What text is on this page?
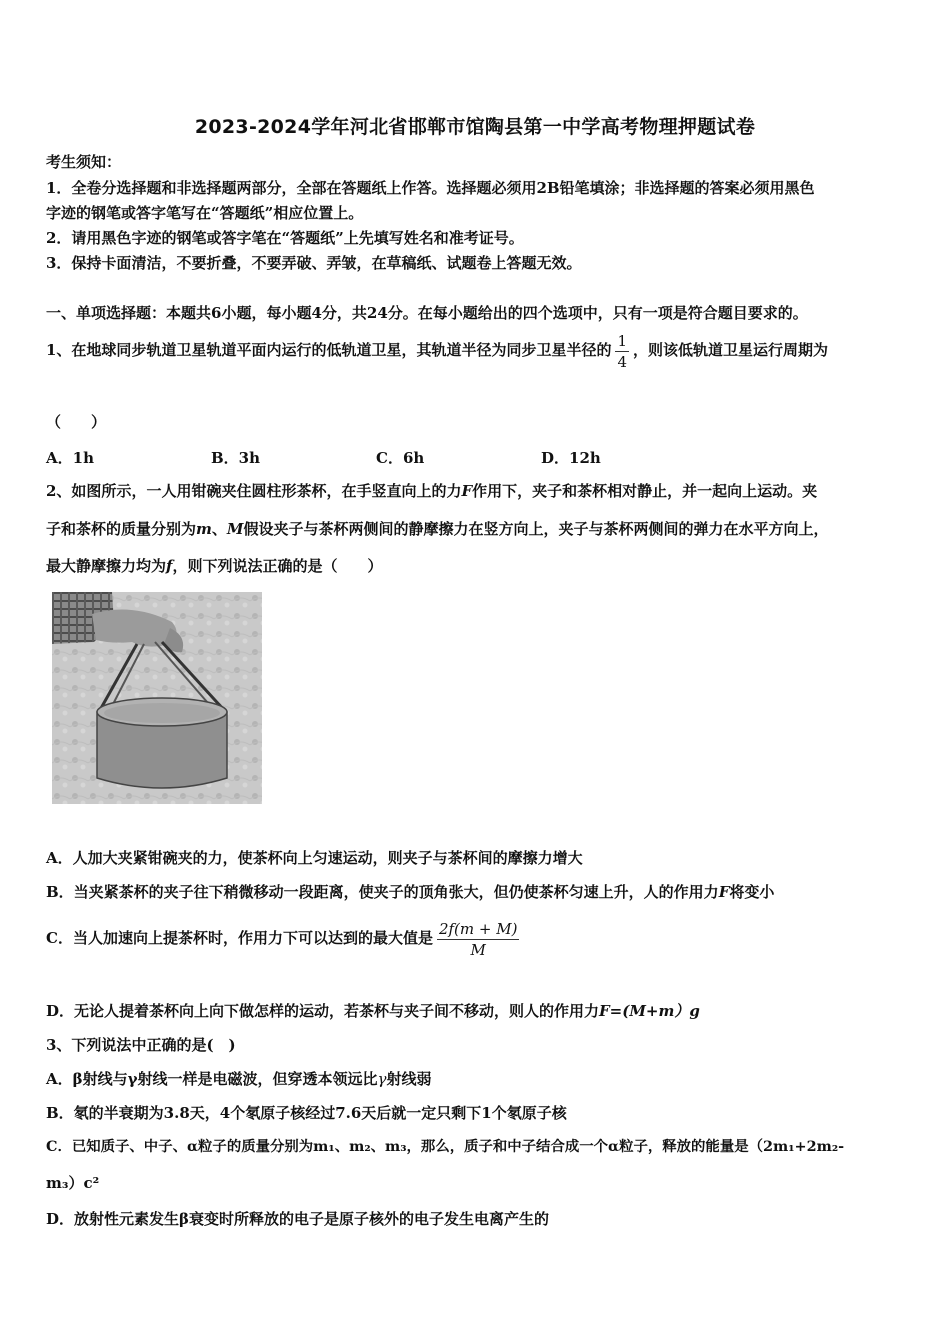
2023-2024学年河北省邯郸市馆陶县第一中学高考物理押题试卷
考生须知：
1．全卷分选择题和非选择题两部分，全部在答题纸上作答。选择题必须用2B铅笔填涂；非选择题的答案必须用黑色
字迹的钢笔或答字笔写在“答题纸”相应位置上。
2．请用黑色字迹的钢笔或答字笔在“答题纸”上先填写姓名和准考证号。
3．保持卡面清洁，不要折叠，不要弄破、弄皱，在草稿纸、试题卷上答题无效。
一、单项选择题：本题共6小题，每小题4分，共24分。在每小题给出的四个选项中，只有一项是符合题目要求的。
1、在地球同步轨道卫星轨道平面内运行的低轨道卫星，其轨道半径为同步卫星半径的 $\frac{1}{4}$ ，则该低轨道卫星运行周期为
（　　）
A．1h	B．3h	C．6h	D．12h
2、如图所示，一人用钳碗夹住圆柱形茶杯，在手竖直向上的力F作用下，夹子和茶杯相对静止，并一起向上运动。夹
子和茶杯的质量分别为m、M假设夹子与茶杯两侧间的静摩擦力在竖方向上，夹子与茶杯两侧间的弹力在水平方向上，
最大静摩擦力均为f，则下列说法正确的是（　　）
A．人加大夹紧钳碗夹的力，使茶杯向上匀速运动，则夹子与茶杯间的摩擦力增大
B．当夹紧茶杯的夹子往下稍微移动一段距离，使夹子的顶角张大，但仍使茶杯匀速上升，人的作用力F将变小
C．当人加速向上提茶杯时，作用力下可以达到的最大值是 $\frac{2f(m + M)}{M}$
D．无论人提着茶杯向上向下做怎样的运动，若茶杯与夹子间不移动，则人的作用力F=(M+m）g
3、下列说法中正确的是(　)
A．β射线与γ射线一样是电磁波，但穿透本领远比γ射线弱
B．氡的半衰期为3.8天，4个氡原子核经过7.6天后就一定只剩下1个氡原子核
C．已知质子、中子、α粒子的质量分别为m₁、m₂、m₃，那么，质子和中子结合成一个α粒子，释放的能量是（2m₁+2m₂-
m₃）c²
D．放射性元素发生β衰变时所释放的电子是原子核外的电子发生电离产生的
